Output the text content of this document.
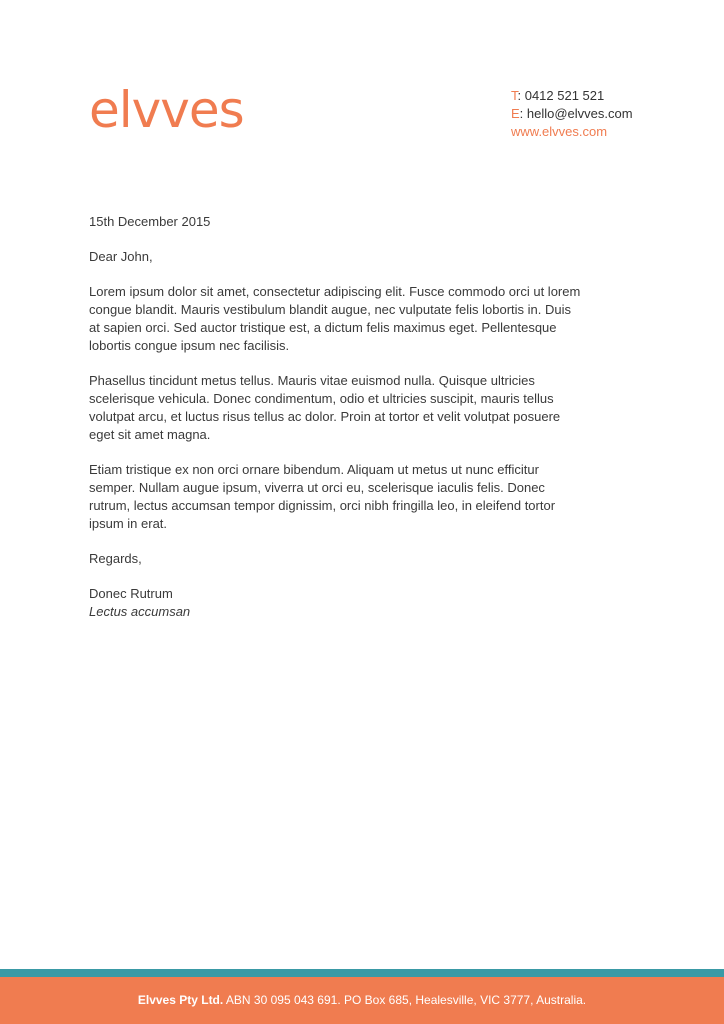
elvves	T: 0412 521 521
E: hello@elvves.com
www.elvves.com

15th December 2015

Dear John,

Lorem ipsum dolor sit amet, consectetur adipiscing elit. Fusce commodo orci ut lorem congue blandit. Mauris vestibulum blandit augue, nec vulputate felis lobortis in. Duis at sapien orci. Sed auctor tristique est, a dictum felis maximus eget. Pellentesque lobortis congue ipsum nec facilisis.

Phasellus tincidunt metus tellus. Mauris vitae euismod nulla. Quisque ultricies scelerisque vehicula. Donec condimentum, odio et ultricies suscipit, mauris tellus volutpat arcu, et luctus risus tellus ac dolor. Proin at tortor et velit volutpat posuere eget sit amet magna.

Etiam tristique ex non orci ornare bibendum. Aliquam ut metus ut nunc efficitur semper. Nullam augue ipsum, viverra ut orci eu, scelerisque iaculis felis. Donec rutrum, lectus accumsan tempor dignissim, orci nibh fringilla leo, in eleifend tortor ipsum in erat.

Regards,

Donec Rutrum

Lectus accumsan

Elvves Pty Ltd. ABN 30 095 043 691. PO Box 685, Healesville, VIC 3777, Australia.
